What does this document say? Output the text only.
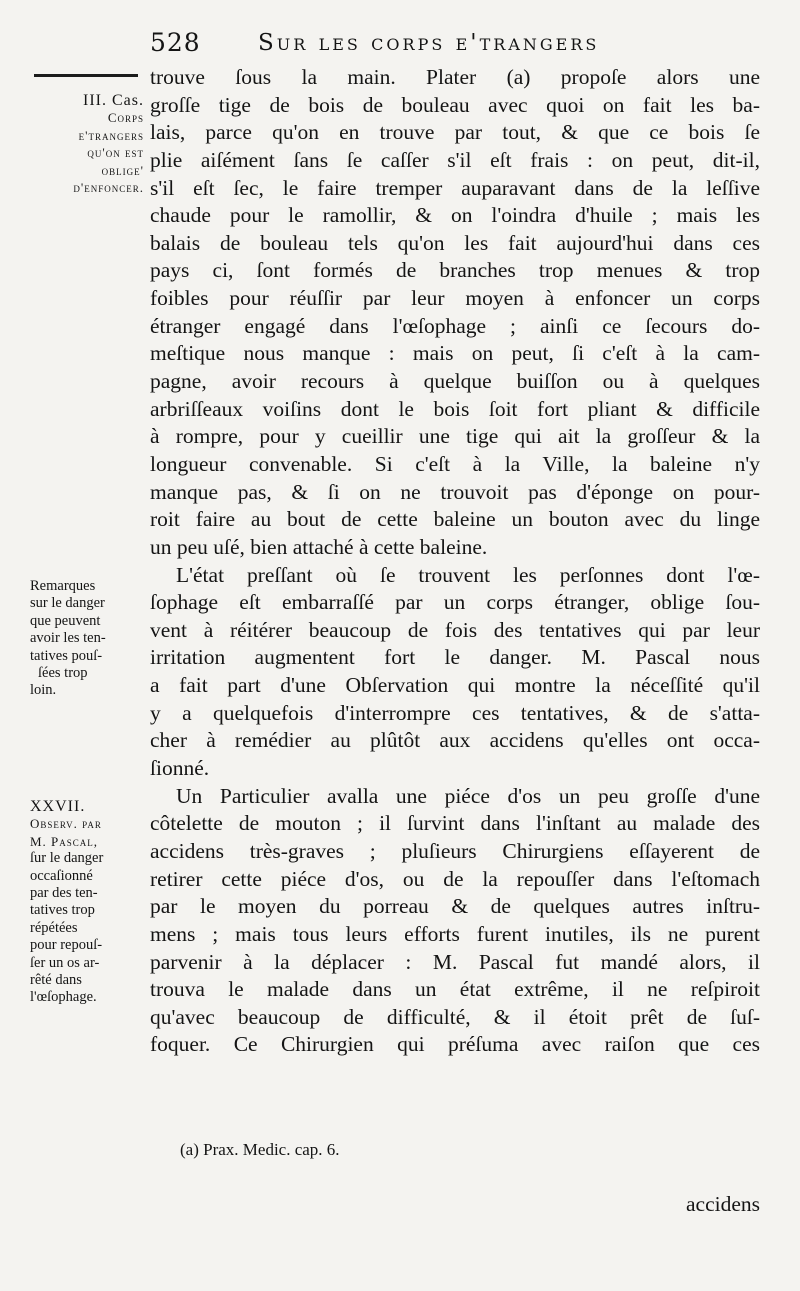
528 Sur les corps e'trangers
III. Cas.
Corps
e'trangers
qu'on est
oblige'
d'enfoncer.
Remarques
sur le danger
que peuvent
avoir les ten-
tatives pouſ-
ſées trop
loin.
XXVII.
Observ. par
M. Pascal,
ſur le danger
occaſionné
par des ten-
tatives trop
répétées
pour repouſ-
ſer un os ar-
rêté dans
l'œſophage.
trouve ſous la main. Plater (a) propoſe alors une
groſſe tige de bois de bouleau avec quoi on fait les ba-
lais, parce qu'on en trouve par tout, & que ce bois ſe
plie aiſément ſans ſe caſſer s'il eſt frais : on peut, dit-il,
s'il eſt ſec, le faire tremper auparavant dans de la leſſive
chaude pour le ramollir, & on l'oindra d'huile ; mais les
balais de bouleau tels qu'on les fait aujourd'hui dans ces
pays ci, ſont formés de branches trop menues & trop
foibles pour réuſſir par leur moyen à enfoncer un corps
étranger engagé dans l'œſophage ; ainſi ce ſecours do-
meſtique nous manque : mais on peut, ſi c'eſt à la cam-
pagne, avoir recours à quelque buiſſon ou à quelques
arbriſſeaux voiſins dont le bois ſoit fort pliant & difficile
à rompre, pour y cueillir une tige qui ait la groſſeur & la
longueur convenable. Si c'eſt à la Ville, la baleine n'y
manque pas, & ſi on ne trouvoit pas d'éponge on pour-
roit faire au bout de cette baleine un bouton avec du linge
un peu uſé, bien attaché à cette baleine.
L'état preſſant où ſe trouvent les perſonnes dont l'œ-
ſophage eſt embarraſſé par un corps étranger, oblige ſou-
vent à réitérer beaucoup de fois des tentatives qui par leur
irritation augmentent fort le danger. M. Pascal nous
a fait part d'une Obſervation qui montre la néceſſité qu'il
y a quelquefois d'interrompre ces tentatives, & de s'atta-
cher à remédier au plûtôt aux accidens qu'elles ont occa-
ſionné.
Un Particulier avalla une piéce d'os un peu groſſe d'une
côtelette de mouton ; il ſurvint dans l'inſtant au malade des
accidens très-graves ; pluſieurs Chirurgiens eſſayerent de
retirer cette piéce d'os, ou de la repouſſer dans l'eſtomach
par le moyen du porreau & de quelques autres inſtru-
mens ; mais tous leurs efforts furent inutiles, ils ne purent
parvenir à la déplacer : M. Pascal fut mandé alors, il
trouva le malade dans un état extrême, il ne reſpiroit
qu'avec beaucoup de difficulté, & il étoit prêt de ſuſ-
foquer. Ce Chirurgien qui préſuma avec raiſon que ces
(a) Prax. Medic. cap. 6.
accidens
